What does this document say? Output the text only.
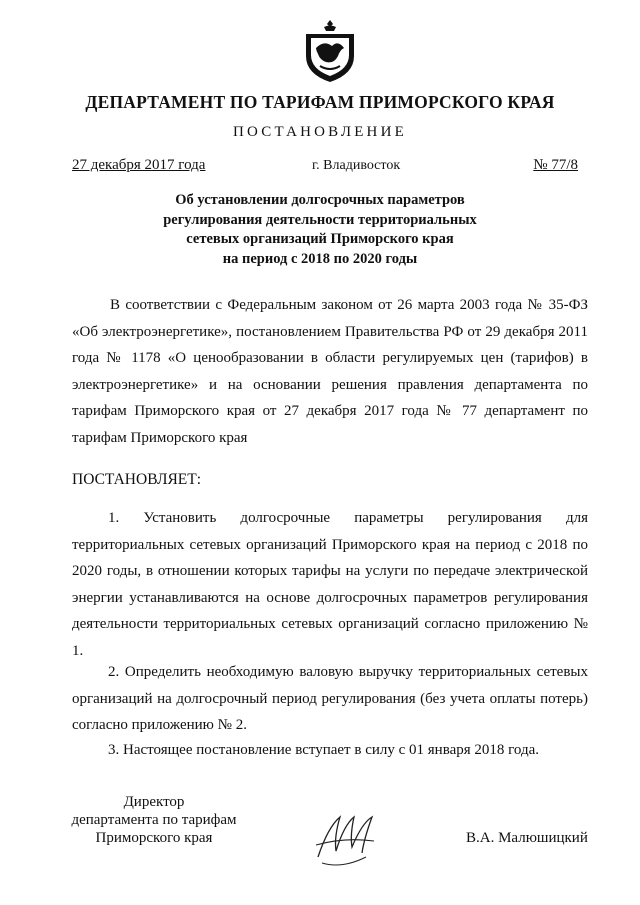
ДЕПАРТАМЕНТ ПО ТАРИФАМ ПРИМОРСКОГО КРАЯ
ПОСТАНОВЛЕНИЕ
27 декабря 2017 года	г. Владивосток	№ 77/8
Об установлении долгосрочных параметров
регулирования деятельности территориальных
сетевых организаций Приморского края
на период с 2018 по 2020 годы
В соответствии с Федеральным законом от 26 марта 2003 года № 35-ФЗ «Об электроэнергетике», постановлением Правительства РФ от 29 декабря 2011 года № 1178 «О ценообразовании в области регулируемых цен (тарифов) в электроэнергетике» и на основании решения правления департамента по тарифам Приморского края от 27 декабря 2017 года № 77 департамент по тарифам Приморского края
ПОСТАНОВЛЯЕТ:
1. Установить долгосрочные параметры регулирования для территориальных сетевых организаций Приморского края на период с 2018 по 2020 годы, в отношении которых тарифы на услуги по передаче электрической энергии устанавливаются на основе долгосрочных параметров регулирования деятельности территориальных сетевых организаций согласно приложению № 1.
2. Определить необходимую валовую выручку территориальных сетевых организаций на долгосрочный период регулирования (без учета оплаты потерь) согласно приложению № 2.
3. Настоящее постановление вступает в силу с 01 января 2018 года.
Директор
департамента по тарифам
Приморского края	В.А. Малюшицкий
